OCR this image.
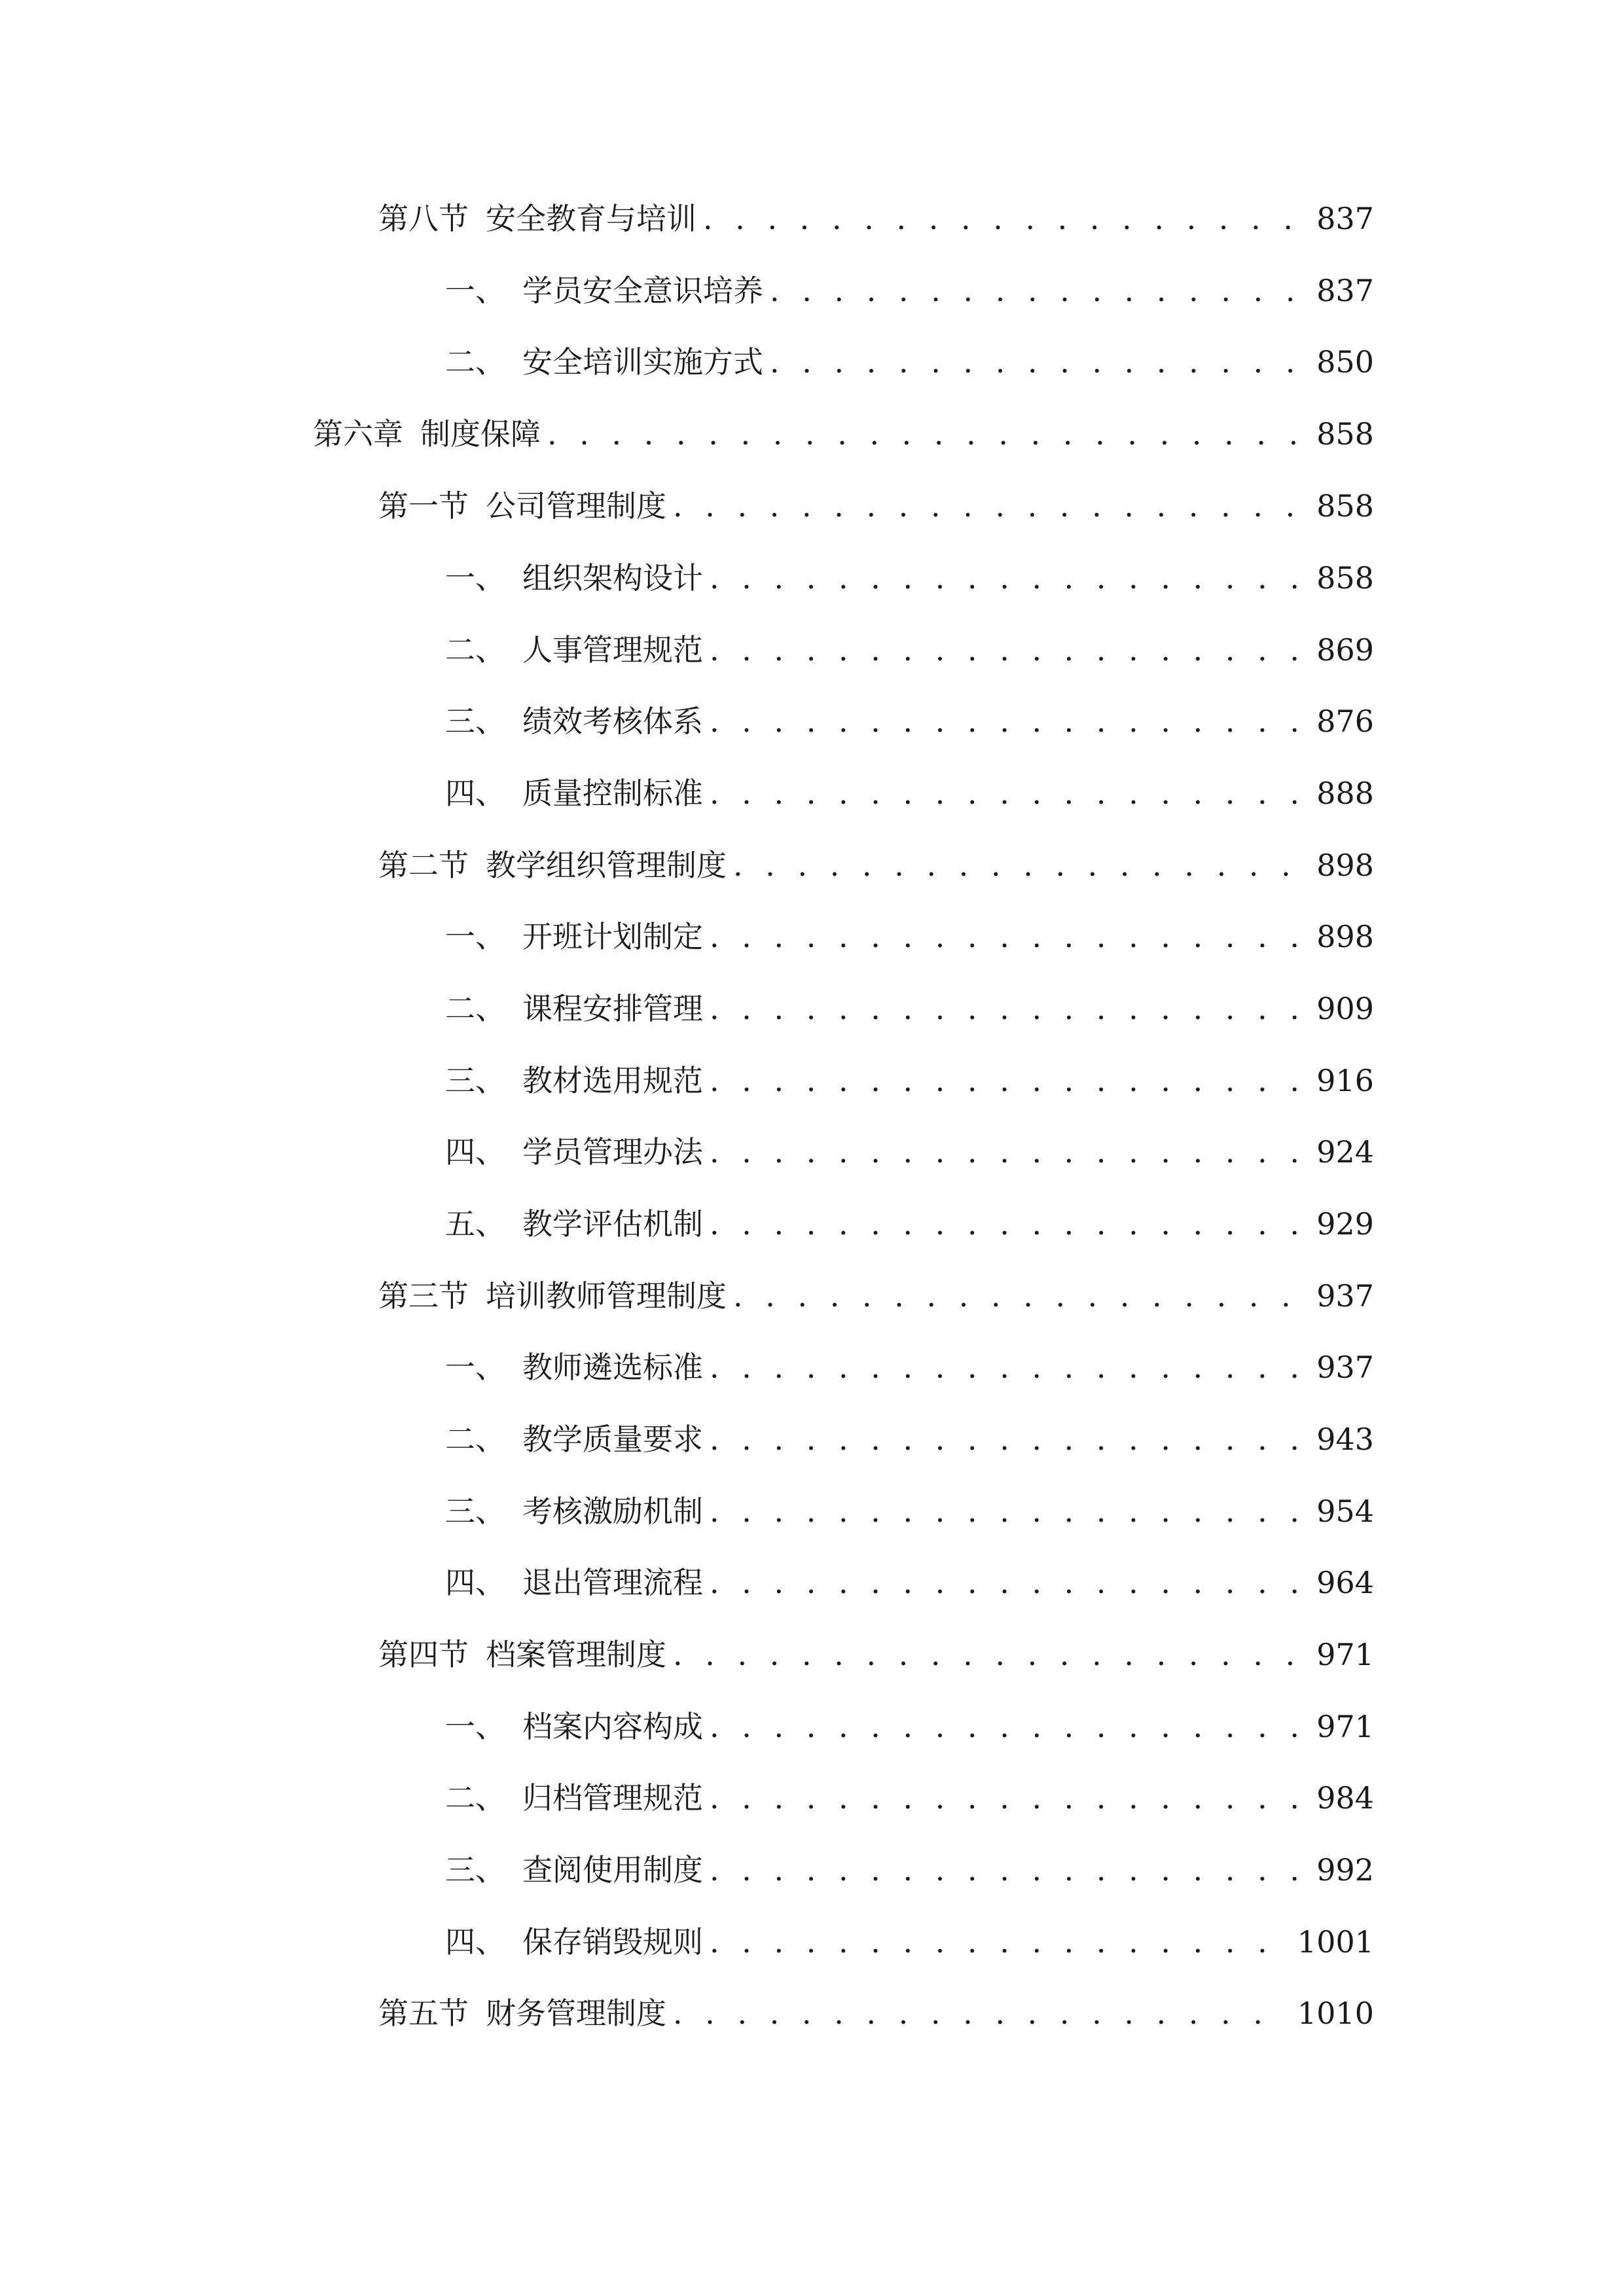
第八节 安全教育与培训 . . .	837
一、 学员安全意识培养 . . .	837
二、 安全培训实施方式 . . .	850
第六章 制度保障 . . .	858
第一节 公司管理制度 . . .	858
一、 组织架构设计 . . .	858
二、 人事管理规范 . . .	869
三、 绩效考核体系 . . .	876
四、 质量控制标准 . . .	888
第二节 教学组织管理制度 . . .	898
一、 开班计划制定 . . .	898
二、 课程安排管理 . . .	909
三、 教材选用规范 . . .	916
四、 学员管理办法 . . .	924
五、 教学评估机制 . . .	929
第三节 培训教师管理制度 . . .	937
一、 教师遴选标准 . . .	937
二、 教学质量要求 . . .	943
三、 考核激励机制 . . .	954
四、 退出管理流程 . . .	964
第四节 档案管理制度 . . .	971
一、 档案内容构成 . . .	971
二、 归档管理规范 . . .	984
三、 查阅使用制度 . . .	992
四、 保存销毁规则 . . .	1001
第五节 财务管理制度 . . .	1010
